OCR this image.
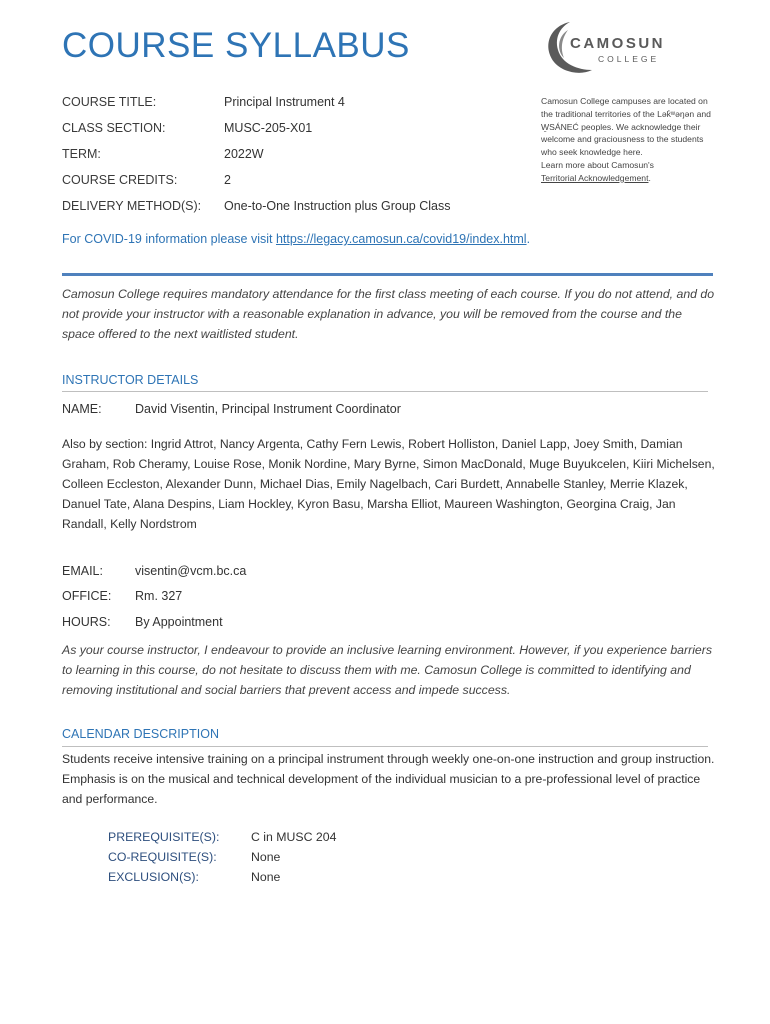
COURSE SYLLABUS	CAMOSUN
COLLEGE
COURSE TITLE:	Principal Instrument 4
CLASS SECTION:	MUSC-205-X01
TERM:	2022W
COURSE CREDITS:	2
DELIVERY METHOD(S): One-to-One Instruction plus Group Class
Camosun College campuses are located on the traditional territories of the Lək̓ʷəŋən and W̱SÁNEĆ peoples. We acknowledge their welcome and graciousness to the students who seek knowledge here.
Learn more about Camosun's
Territorial Acknowledgement.
For COVID-19 information please visit https://legacy.camosun.ca/covid19/index.html.
Camosun College requires mandatory attendance for the first class meeting of each course. If you do not attend, and do not provide your instructor with a reasonable explanation in advance, you will be removed from the course and the space offered to the next waitlisted student.
INSTRUCTOR DETAILS
NAME:	David Visentin, Principal Instrument Coordinator
Also by section: Ingrid Attrot, Nancy Argenta, Cathy Fern Lewis, Robert Holliston, Daniel Lapp, Joey Smith, Damian Graham, Rob Cheramy, Louise Rose, Monik Nordine, Mary Byrne, Simon MacDonald, Muge Buyukcelen, Kiiri Michelsen, Colleen Eccleston, Alexander Dunn, Michael Dias, Emily Nagelbach, Cari Burdett, Annabelle Stanley, Merrie Klazek, Danuel Tate, Alana Despins, Liam Hockley, Kyron Basu, Marsha Elliot, Maureen Washington, Georgina Craig, Jan Randall, Kelly Nordstrom
EMAIL:	visentin@vcm.bc.ca
OFFICE: Rm. 327
HOURS: By Appointment
As your course instructor, I endeavour to provide an inclusive learning environment. However, if you experience barriers to learning in this course, do not hesitate to discuss them with me. Camosun College is committed to identifying and removing institutional and social barriers that prevent access and impede success.
CALENDAR DESCRIPTION
Students receive intensive training on a principal instrument through weekly one-on-one instruction and group instruction. Emphasis is on the musical and technical development of the individual musician to a pre-professional level of practice and performance.
PREREQUISITE(S):	C in MUSC 204
CO-REQUISITE(S):	None
EXCLUSION(S):	None
